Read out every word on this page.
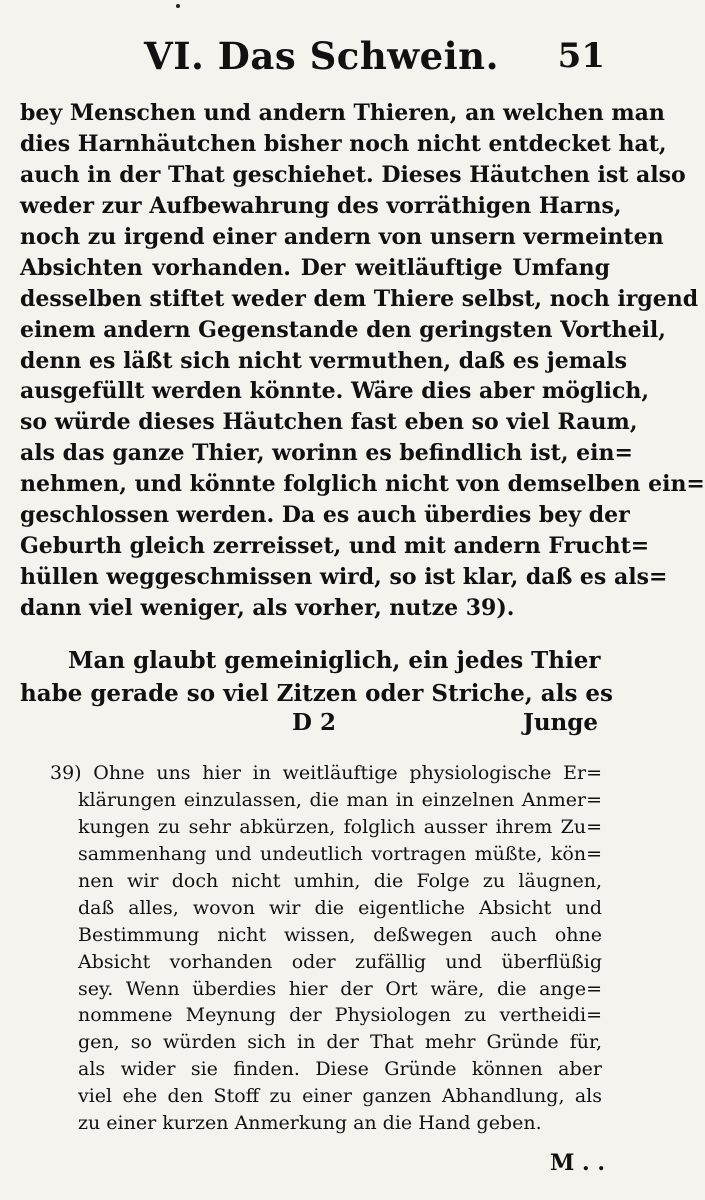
VI. Das Schwein.	51
bey Menschen und andern Thieren, an welchen man
dies Harnhäutchen bisher noch nicht entdecket hat,
auch in der That geschiehet. Dieses Häutchen ist also
weder zur Aufbewahrung des vorräthigen Harns,
noch zu irgend einer andern von unsern vermeinten
Absichten vorhanden. Der weitläuftige Umfang
desselben stiftet weder dem Thiere selbst, noch irgend
einem andern Gegenstande den geringsten Vortheil,
denn es läßt sich nicht vermuthen, daß es jemals
ausgefüllt werden könnte. Wäre dies aber möglich,
so würde dieses Häutchen fast eben so viel Raum,
als das ganze Thier, worinn es befindlich ist, ein=
nehmen, und könnte folglich nicht von demselben ein=
geschlossen werden. Da es auch überdies bey der
Geburth gleich zerreisset, und mit andern Frucht=
hüllen weggeschmissen wird, so ist klar, daß es als=
dann viel weniger, als vorher, nutze 39).
Man glaubt gemeiniglich, ein jedes Thier
habe gerade so viel Zitzen oder Striche, als es
D 2	Junge
39) Ohne uns hier in weitläuftige physiologische Er=
klärungen einzulassen, die man in einzelnen Anmer=
kungen zu sehr abkürzen, folglich ausser ihrem Zu=
sammenhang und undeutlich vortragen müßte, kön=
nen wir doch nicht umhin, die Folge zu läugnen,
daß alles, wovon wir die eigentliche Absicht und
Bestimmung nicht wissen, deßwegen auch ohne
Absicht vorhanden oder zufällig und überflüßig
sey. Wenn überdies hier der Ort wäre, die ange=
nommene Meynung der Physiologen zu vertheidi=
gen, so würden sich in der That mehr Gründe für,
als wider sie finden. Diese Gründe können aber
viel ehe den Stoff zu einer ganzen Abhandlung, als
zu einer kurzen Anmerkung an die Hand geben.
M . .
